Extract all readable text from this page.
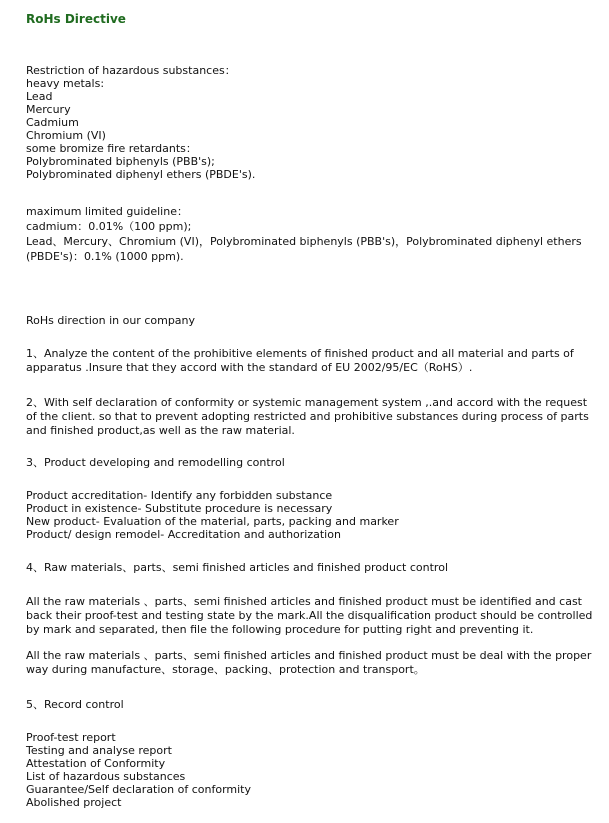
RoHs Directive
Restriction of hazardous substances：
heavy metals:
Lead
Mercury
Cadmium
Chromium (VI)
some bromize fire retardants：
Polybrominated biphenyls (PBB's);
Polybrominated diphenyl ethers (PBDE's).
maximum limited guideline：
cadmium：0.01%（100 ppm);
Lead、Mercury、Chromium (VI)，Polybrominated biphenyls (PBB's)，Polybrominated diphenyl ethers (PBDE's)：0.1% (1000 ppm).
RoHs direction in our company
1、Analyze the content of the prohibitive elements of finished product and all material and parts of apparatus .Insure that they accord with the standard of EU 2002/95/EC（RoHS）.
2、With self declaration of conformity or systemic management system ,.and accord with the request of the client. so that to prevent adopting restricted and prohibitive substances during process of parts and finished product,as well as the raw material.
3、Product developing and remodelling control
Product accreditation- Identify any forbidden substance
Product in existence- Substitute procedure is necessary
New product- Evaluation of the material, parts, packing and marker
Product/ design remodel- Accreditation and authorization
4、Raw materials、parts、semi finished articles and finished product control
All the raw materials 、parts、semi finished articles and finished product must be identified and cast back their proof-test and testing state by the mark.All the disqualification product should be controlled by mark and separated, then file the following procedure for putting right and preventing it.
All the raw materials 、parts、semi finished articles and finished product must be deal with the proper way during manufacture、storage、packing、protection and transport。
5、Record control
Proof-test report
Testing and analyse report
Attestation of Conformity
List of hazardous substances
Guarantee/Self declaration of conformity
Abolished project
